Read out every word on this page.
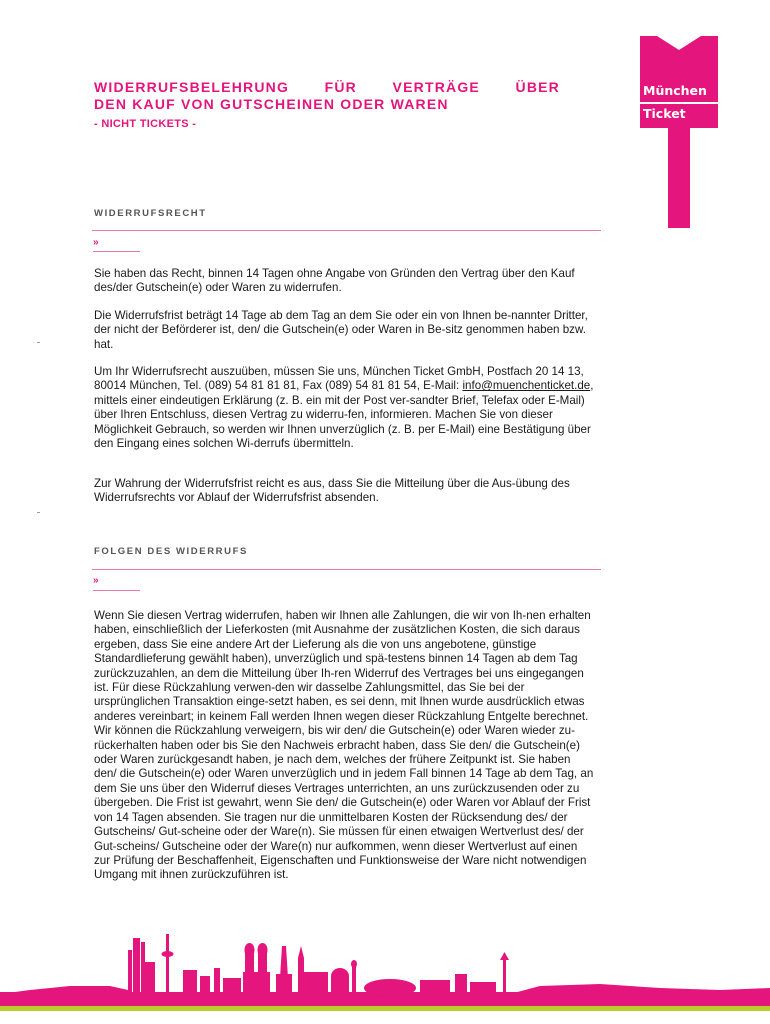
München
Ticket
WIDERRUFSBELEHRUNG FÜR VERTRÄGE ÜBER
DEN KAUF VON GUTSCHEINEN ODER WAREN

- NICHT TICKETS -

WIDERRUFSRECHT
»

Sie haben das Recht, binnen 14 Tagen ohne Angabe von Gründen den Vertrag über den Kauf des/der Gutschein(e) oder Waren zu widerrufen.

Die Widerrufsfrist beträgt 14 Tage ab dem Tag an dem Sie oder ein von Ihnen be-nannter Dritter, der nicht der Beförderer ist, den/ die Gutschein(e) oder Waren in Be-sitz genommen haben bzw. hat.

Um Ihr Widerrufsrecht auszuüben, müssen Sie uns, München Ticket GmbH, Postfach 20 14 13, 80014 München, Tel. (089) 54 81 81 81, Fax (089) 54 81 81 54, E-Mail: info@muenchenticket.de, mittels einer eindeutigen Erklärung (z. B. ein mit der Post ver-sandter Brief, Telefax oder E-Mail) über Ihren Entschluss, diesen Vertrag zu widerru-fen, informieren. Machen Sie von dieser Möglichkeit Gebrauch, so werden wir Ihnen unverzüglich (z. B. per E-Mail) eine Bestätigung über den Eingang eines solchen Wi-derrufs übermitteln.

Zur Wahrung der Widerrufsfrist reicht es aus, dass Sie die Mitteilung über die Aus-übung des Widerrufsrechts vor Ablauf der Widerrufsfrist absenden.

FOLGEN DES WIDERRUFS
»

Wenn Sie diesen Vertrag widerrufen, haben wir Ihnen alle Zahlungen, die wir von Ih-nen erhalten haben, einschließlich der Lieferkosten (mit Ausnahme der zusätzlichen Kosten, die sich daraus ergeben, dass Sie eine andere Art der Lieferung als die von uns angebotene, günstige Standardlieferung gewählt haben), unverzüglich und spä-testens binnen 14 Tagen ab dem Tag zurückzuzahlen, an dem die Mitteilung über Ih-ren Widerruf des Vertrages bei uns eingegangen ist. Für diese Rückzahlung verwen-den wir dasselbe Zahlungsmittel, das Sie bei der ursprünglichen Transaktion einge-setzt haben, es sei denn, mit Ihnen wurde ausdrücklich etwas anderes vereinbart; in keinem Fall werden Ihnen wegen dieser Rückzahlung Entgelte berechnet. Wir können die Rückzahlung verweigern, bis wir den/ die Gutschein(e) oder Waren wieder zu-rückerhalten haben oder bis Sie den Nachweis erbracht haben, dass Sie den/ die Gutschein(e) oder Waren zurückgesandt haben, je nach dem, welches der frühere Zeitpunkt ist. Sie haben den/ die Gutschein(e) oder Waren unverzüglich und in jedem Fall binnen 14 Tage ab dem Tag, an dem Sie uns über den Widerruf dieses Vertrages unterrichten, an uns zurückzusenden oder zu übergeben. Die Frist ist gewahrt, wenn Sie den/ die Gutschein(e) oder Waren vor Ablauf der Frist von 14 Tagen absenden. Sie tragen nur die unmittelbaren Kosten der Rücksendung des/ der Gutscheins/ Gut-scheine oder der Ware(n). Sie müssen für einen etwaigen Wertverlust des/ der Gut-scheins/ Gutscheine oder der Ware(n) nur aufkommen, wenn dieser Wertverlust auf einen zur Prüfung der Beschaffenheit, Eigenschaften und Funktionsweise der Ware nicht notwendigen Umgang mit ihnen zurückzuführen ist.
